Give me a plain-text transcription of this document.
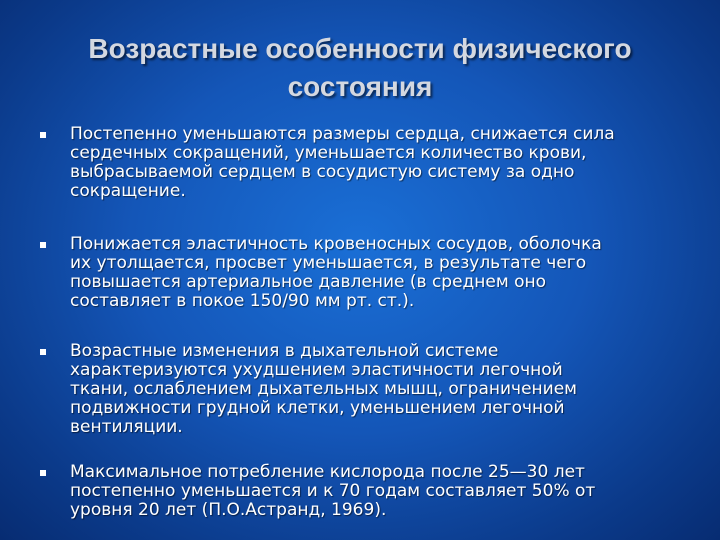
Возрастные особенности физического состояния
Постепенно уменьшаются размеры сердца, снижается сила
сердечных сокращений, уменьшается количество крови,
выбрасываемой сердцем в сосудистую систему за одно
сокращение.
Понижается эластичность кровеносных сосудов, оболочка
их утолщается, просвет уменьшается, в результате чего
повышается артериальное давление (в среднем оно
составляет в покое 150/90 мм рт. ст.).
Возрастные изменения в дыхательной системе
характеризуются ухудшением эластичности легочной
ткани, ослаблением дыхательных мышц, ограничением
подвижности грудной клетки, уменьшением легочной
вентиляции.
Максимальное потребление кислорода после 25—30 лет
постепенно уменьшается и к 70 годам составляет 50% от
уровня 20 лет (П.О.Астранд, 1969).
